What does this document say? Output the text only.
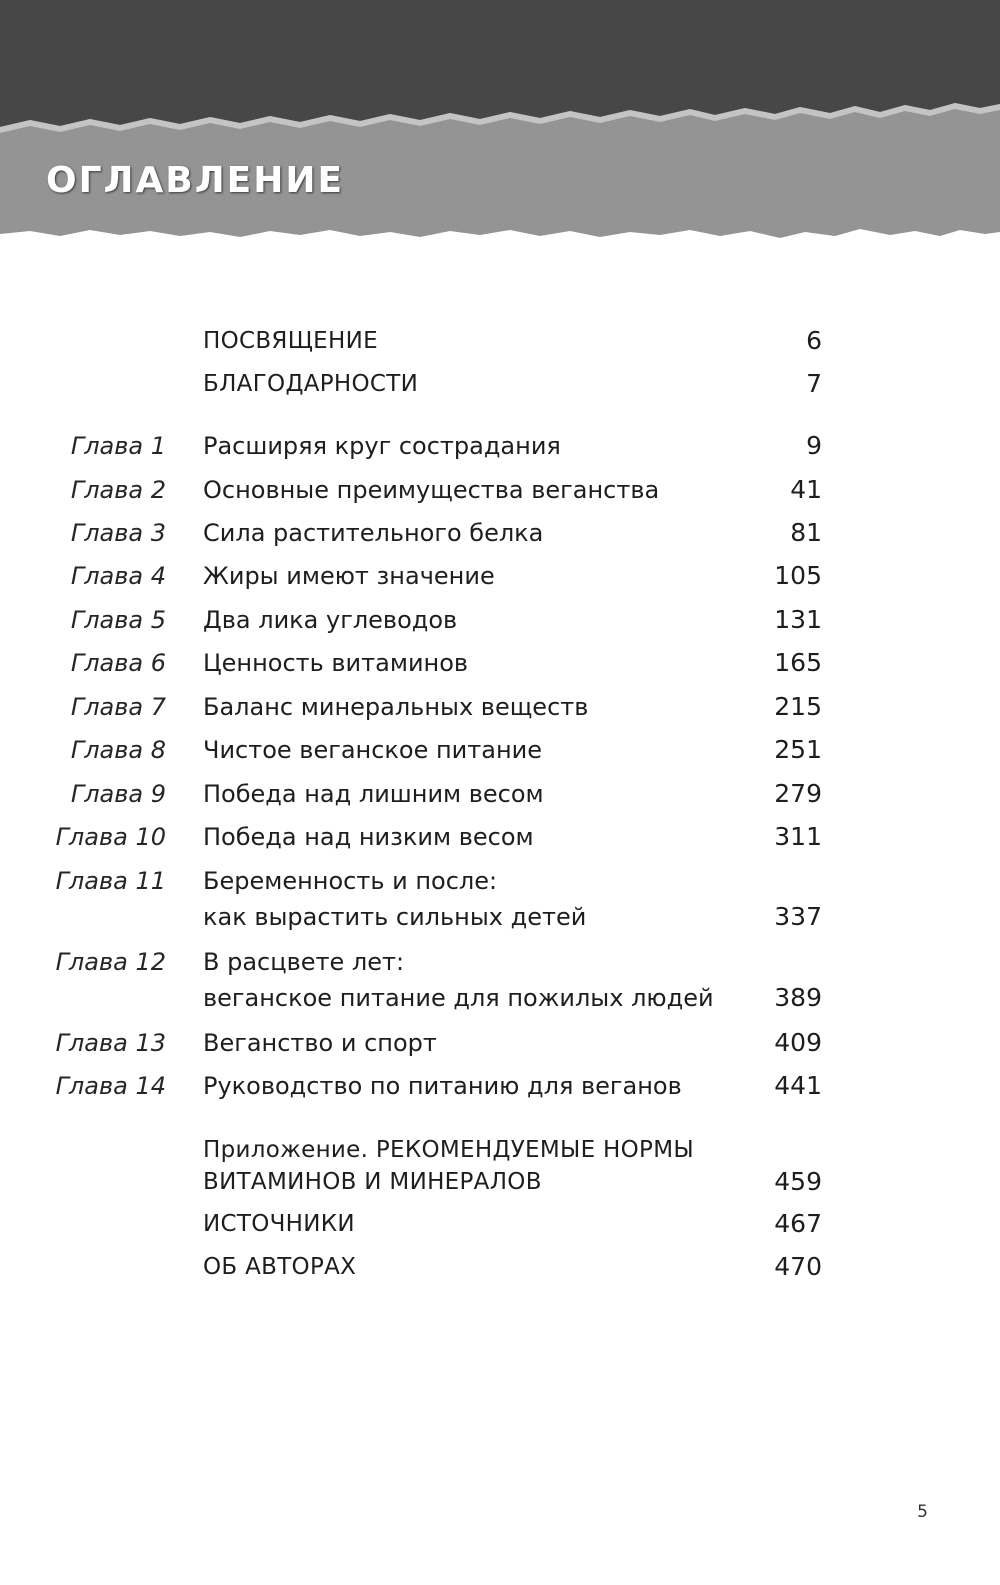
ОГЛАВЛЕНИЕ
ПОСВЯЩЕНИЕ	6
БЛАГОДАРНОСТИ	7
Глава 1 Расширяя круг сострадания	9
Глава 2 Основные преимущества веганства	41
Глава 3 Сила растительного белка	81
Глава 4 Жиры имеют значение	105
Глава 5 Два лика углеводов	131
Глава 6 Ценность витаминов	165
Глава 7 Баланс минеральных веществ	215
Глава 8 Чистое веганское питание	251
Глава 9 Победа над лишним весом	279
Глава 10 Победа над низким весом	311
Глава 11 Беременность и после:
как вырастить сильных детей	337
Глава 12 В расцвете лет:
веганское питание для пожилых людей	389
Глава 13 Веганство и спорт	409
Глава 14 Руководство по питанию для веганов	441
Приложение. РЕКОМЕНДУЕМЫЕ НОРМЫ
ВИТАМИНОВ И МИНЕРАЛОВ	459
ИСТОЧНИКИ	467
ОБ АВТОРАХ	470
5
